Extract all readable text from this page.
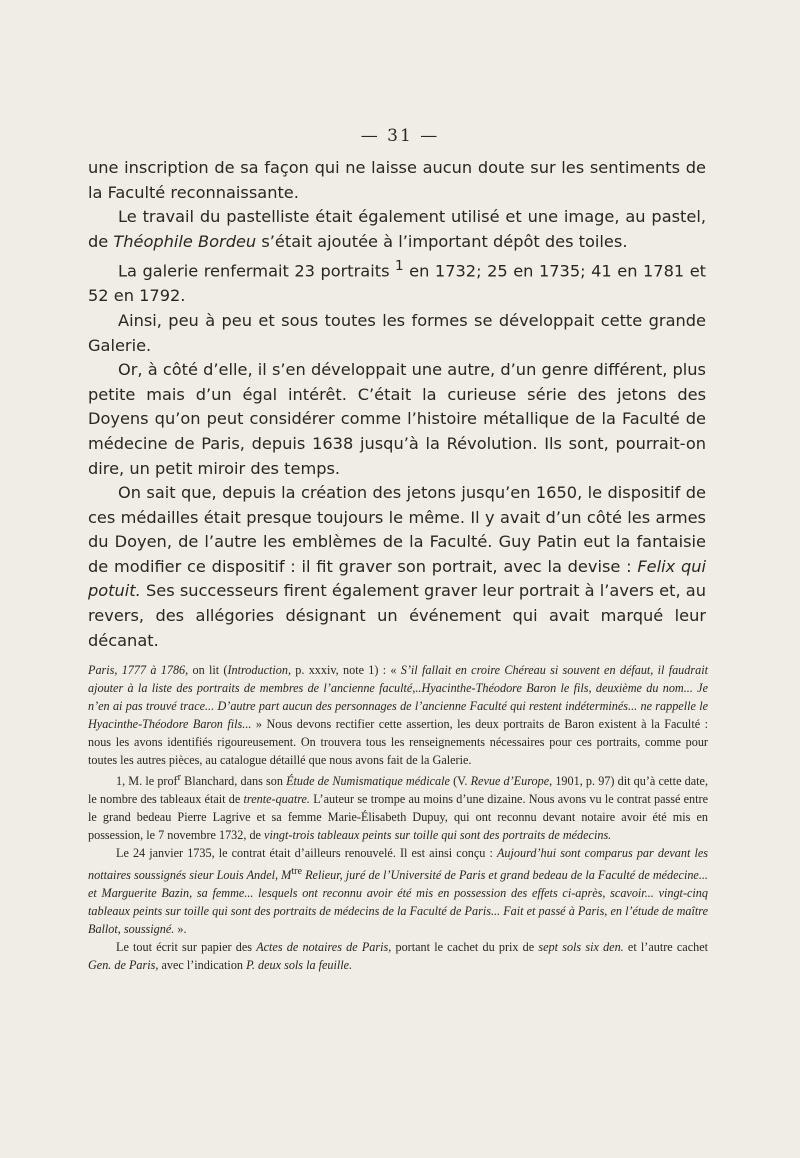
— 31 —

une inscription de sa façon qui ne laisse aucun doute sur les sentiments de la Faculté reconnaissante.

Le travail du pastelliste était également utilisé et une image, au pastel, de Théophile Bordeu s’était ajoutée à l’important dépôt des toiles.

La galerie renfermait 23 portraits $^1$ en 1732; 25 en 1735; 41 en 1781 et 52 en 1792.

Ainsi, peu à peu et sous toutes les formes se développait cette grande Galerie.

Or, à côté d’elle, il s’en développait une autre, d’un genre différent, plus petite mais d’un égal intérêt. C’était la curieuse série des jetons des Doyens qu’on peut considérer comme l’histoire métallique de la Faculté de médecine de Paris, depuis 1638 jusqu’à la Révolution. Ils sont, pourrait-on dire, un petit miroir des temps.

On sait que, depuis la création des jetons jusqu’en 1650, le dispositif de ces médailles était presque toujours le même. Il y avait d’un côté les armes du Doyen, de l’autre les emblèmes de la Faculté. Guy Patin eut la fantaisie de modifier ce dispositif : il fit graver son portrait, avec la devise : Felix qui potuit. Ses successeurs firent également graver leur portrait à l’avers et, au revers, des allégories désignant un événement qui avait marqué leur décanat.

Paris, 1777 à 1786, on lit (Introduction, p. xxxiv, note 1) : « S’il fallait en croire Chéreau si souvent en défaut, il faudrait ajouter à la liste des portraits de membres de l’ancienne faculté,..Hyacinthe-Théodore Baron le fils, deuxième du nom... Je n’en ai pas trouvé trace... D’autre part aucun des personnages de l’ancienne Faculté qui restent indéterminés... ne rappelle le Hyacinthe-Théodore Baron fils... » Nous devons rectifier cette assertion, les deux portraits de Baron existent à la Faculté : nous les avons identifiés rigoureusement. On trouvera tous les renseignements nécessaires pour ces portraits, comme pour toutes les autres pièces, au catalogue détaillé que nous avons fait de la Galerie.

1, M. le prof$^r$ Blanchard, dans son Étude de Numismatique médicale (V. Revue d’Europe, 1901, p. 97) dit qu’à cette date, le nombre des tableaux était de trente-quatre. L’auteur se trompe au moins d’une dizaine. Nous avons vu le contrat passé entre le grand bedeau Pierre Lagrive et sa femme Marie-Élisabeth Dupuy, qui ont reconnu devant notaire avoir été mis en possession, le 7 novembre 1732, de vingt-trois tableaux peints sur toille qui sont des portraits de médecins.

Le 24 janvier 1735, le contrat était d’ailleurs renouvelé. Il est ainsi conçu : Aujourd’hui sont comparus par devant les nottaires soussignés sieur Louis Andel, $M^{tre}$ Relieur, juré de l’Université de Paris et grand bedeau de la Faculté de médecine... et Marguerite Bazin, sa femme... lesquels ont reconnu avoir été mis en possession des effets ci-après, scavoir... vingt-cinq tableaux peints sur toille qui sont des portraits de médecins de la Faculté de Paris... Fait et passé à Paris, en l’étude de maître Ballot, soussigné. ».

Le tout écrit sur papier des Actes de notaires de Paris, portant le cachet du prix de sept sols six den. et l’autre cachet Gen. de Paris, avec l’indication P. deux sols la feuille.
